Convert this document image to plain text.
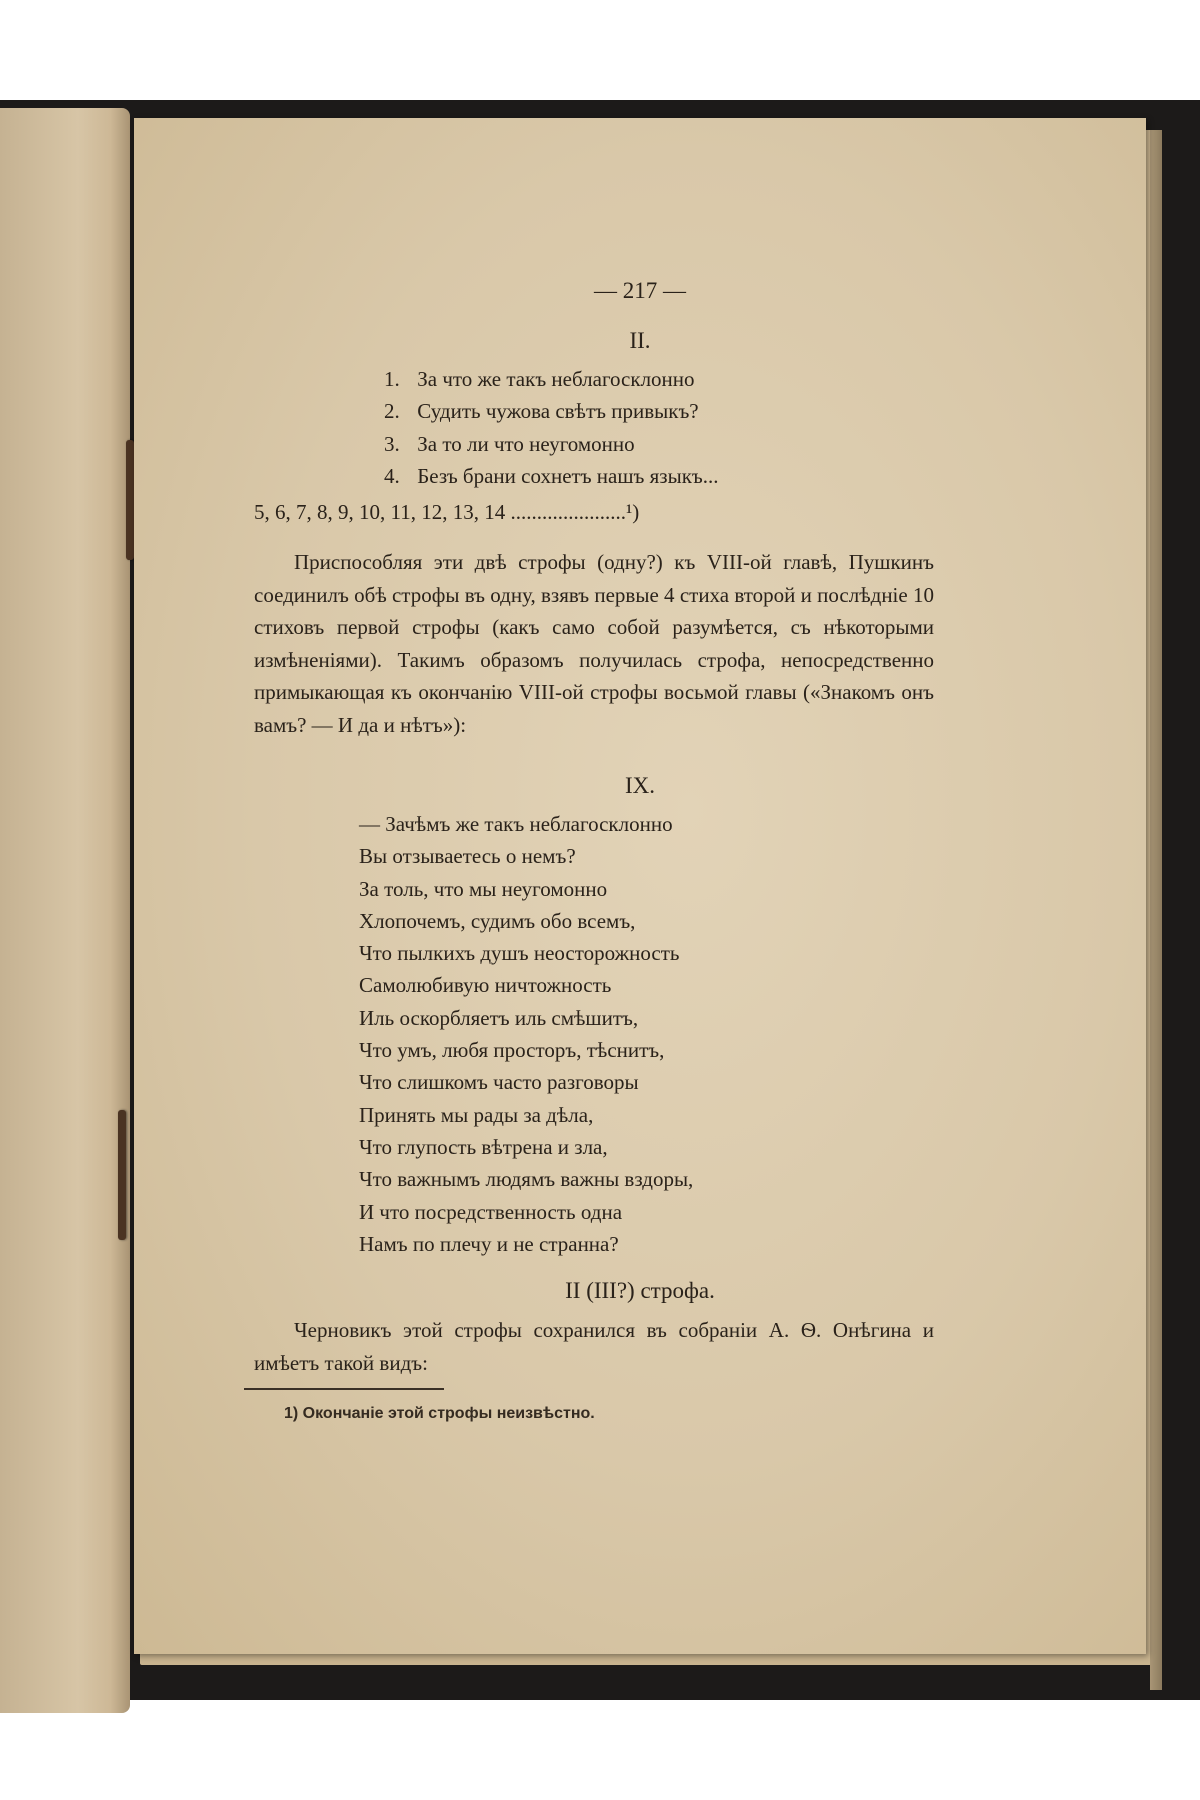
— 217 —
II.
1. За что же такъ неблагосклонно
2. Судить чужова свѣтъ привыкъ?
3. За то ли что неугомонно
4. Безъ брани сохнетъ нашъ языкъ...
5, 6, 7, 8, 9, 10, 11, 12, 13, 14 ......................¹)

Приспособляя эти двѣ строфы (одну?) къ VIII-ой главѣ, Пушкинъ соединилъ обѣ строфы въ одну, взявъ первые 4 стиха второй и послѣдніе 10 стиховъ первой строфы (какъ само собой разумѣется, съ нѣкоторыми измѣненіями). Такимъ образомъ получилась строфа, непосредственно примыкающая къ окончанію VIII-ой строфы восьмой главы («Знакомъ онъ вамъ? — И да и нѣтъ»):

IX.
— Зачѣмъ же такъ неблагосклонно
Вы отзываетесь о немъ?
За толь, что мы неугомонно
Хлопочемъ, судимъ обо всемъ,
Что пылкихъ душъ неосторожность
Самолюбивую ничтожность
Иль оскорбляетъ иль смѣшитъ,
Что умъ, любя просторъ, тѣснитъ,
Что слишкомъ часто разговоры
Принять мы рады за дѣла,
Что глупость вѣтрена и зла,
Что важнымъ людямъ важны вздоры,
И что посредственность одна
Намъ по плечу и не странна?
II (III?) строфа.

Черновикъ этой строфы сохранился въ собраніи А. Ѳ. Онѣгина и имѣетъ такой видъ:

1) Окончаніе этой строфы неизвѣстно.
